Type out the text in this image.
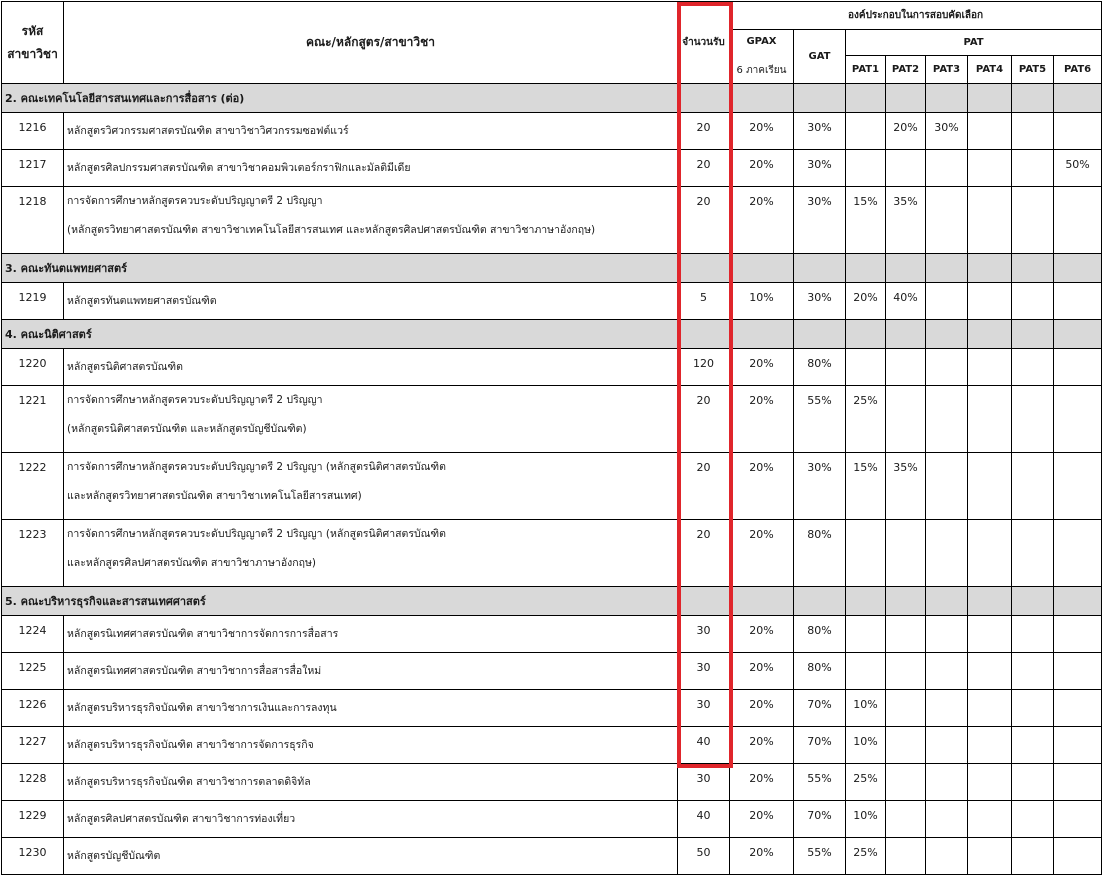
รหัส
สาขาวิชา	คณะ/หลักสูตร/สาขาวิชา	จำนวนรับ	องค์ประกอบในการสอบคัดเลือก							

			GPAX
6 ภาคเรียน	GAT	PAT					
					PAT1	PAT2	PAT3	PAT4	PAT5	PAT6
2. คณะเทคโนโลยีสารสนเทศและการสื่อสาร (ต่อ)										
1216	หลักสูตรวิศวกรรมศาสตรบัณฑิต สาขาวิชาวิศวกรรมซอฟต์แวร์	20	20%	30%		20%	30%			
1217	หลักสูตรศิลปกรรมศาสตรบัณฑิต สาขาวิชาคอมพิวเตอร์กราฟิกและมัลติมีเดีย	20	20%	30%						50%
1218	การจัดการศึกษาหลักสูตรควบระดับปริญญาตรี 2 ปริญญา
(หลักสูตรวิทยาศาสตรบัณฑิต สาขาวิชาเทคโนโลยีสารสนเทศ และหลักสูตรศิลปศาสตรบัณฑิต สาขาวิชาภาษาอังกฤษ)	20	20%	30%	15%	35%				
3. คณะทันตแพทยศาสตร์										
1219	หลักสูตรทันตแพทยศาสตรบัณฑิต	5	10%	30%	20%	40%				
4. คณะนิติศาสตร์										
1220	หลักสูตรนิติศาสตรบัณฑิต	120	20%	80%						
1221	การจัดการศึกษาหลักสูตรควบระดับปริญญาตรี 2 ปริญญา
(หลักสูตรนิติศาสตรบัณฑิต และหลักสูตรบัญชีบัณฑิต)	20	20%	55%	25%					
1222	การจัดการศึกษาหลักสูตรควบระดับปริญญาตรี 2 ปริญญา (หลักสูตรนิติศาสตรบัณฑิต
และหลักสูตรวิทยาศาสตรบัณฑิต สาขาวิชาเทคโนโลยีสารสนเทศ)	20	20%	30%	15%	35%				
1223	การจัดการศึกษาหลักสูตรควบระดับปริญญาตรี 2 ปริญญา (หลักสูตรนิติศาสตรบัณฑิต
และหลักสูตรศิลปศาสตรบัณฑิต สาขาวิชาภาษาอังกฤษ)	20	20%	80%						
5. คณะบริหารธุรกิจและสารสนเทศศาสตร์										
1224	หลักสูตรนิเทศศาสตรบัณฑิต สาขาวิชาการจัดการการสื่อสาร	30	20%	80%						
1225	หลักสูตรนิเทศศาสตรบัณฑิต สาขาวิชาการสื่อสารสื่อใหม่	30	20%	80%						
1226	หลักสูตรบริหารธุรกิจบัณฑิต สาขาวิชาการเงินและการลงทุน	30	20%	70%	10%					
1227	หลักสูตรบริหารธุรกิจบัณฑิต สาขาวิชาการจัดการธุรกิจ	40	20%	70%	10%					
1228	หลักสูตรบริหารธุรกิจบัณฑิต สาขาวิชาการตลาดดิจิทัล	30	20%	55%	25%					
1229	หลักสูตรศิลปศาสตรบัณฑิต สาขาวิชาการท่องเที่ยว	40	20%	70%	10%					
1230	หลักสูตรบัญชีบัณฑิต	50	20%	55%	25%					
